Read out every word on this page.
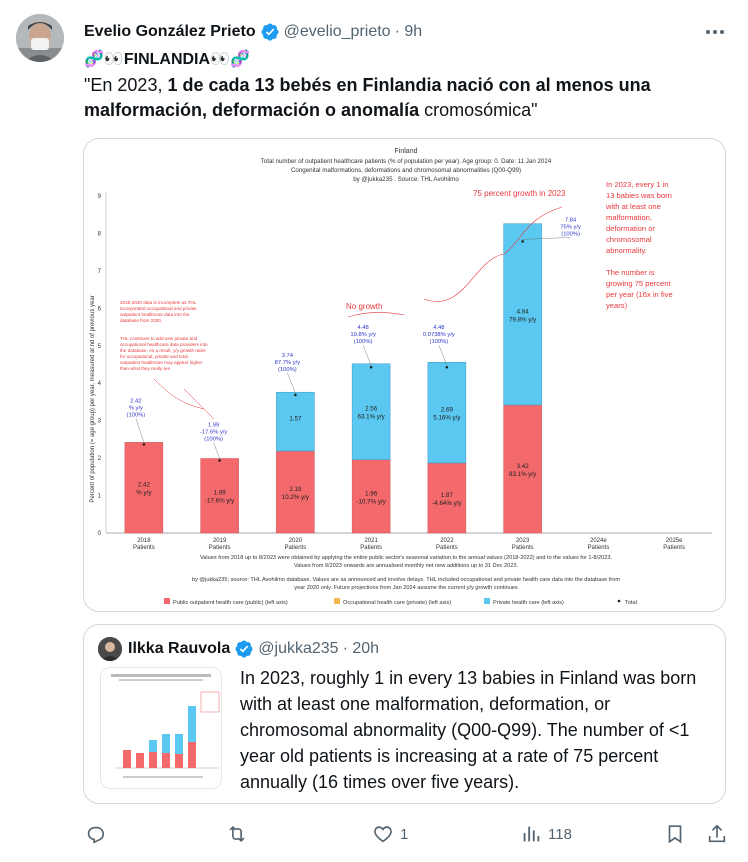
Evelio González Prieto @evelio_prieto · 9h
🧬👀FINLANDIA👀🧬
"En 2023, 1 de cada 13 bebés en Finlandia nació con al menos una malformación, deformación o anomalía cromosómica"
Finland
Total number of outpatient healthcare patients (% of population per year). Age group: 0. Date: 11 Jan 2024
Congenital malformations, deformations and chromosomal abnormalities (Q00-Q99)
by @jukka235 . Source: THL Avohilmo
Percent of population (= age group) per year, measured at nd of previous year
0
1
2
3
4
5
6
7
8
9
2018
Patients
2019
Patients
2020
Patients
2021
Patients
2022
Patients
2023
Patients
2024e
Patients
2025e
Patients
2.42
% y/y	1.99
-17.6% y/y
2.19
10.2% y/y
1.57
1.96
-10.7% y/y
2.56
63.1% y/y
1.87
-4.64% y/y
2.69
5.16% y/y
3.42
83.1% y/y
4.84
79.8% y/y
2.42
% y/y
(100%)
1.99
-17.6% y/y
(100%)
3.74
87.7% y/y
(100%)
4.48
19.8% y/y
(100%)
4.48
0.0738% y/y
(100%)
7.84
75% y/y
(100%)
75 percent growth in 2023
No growth
In 2023, every 1 in
13 babies was born
with at least one
malformation,
deformation or
chromosomal
abnormality.
The number is
growing 75 percent
per year (16x in five
years)
2018-2020 data is incomplete as THL
incorporated occupational and private
outpatient healthcare data into the
database from 2020.
THL continues to add new private and
occupational healthcare data providers into
the database. As a result, y/y growth rates
for occupational, private and total
outpatient healthcare may appear higher
than what they really are.
Values from 2018 up to 8/2023 were obtained by applying the entire public sector's seasonal variation to the annual values (2018-2022) and to the values for 1-8/2023.
Values from 9/2023 onwards are annualised monthly net new additions up to 31 Dec 2023.
by @jukka235; source: THL Avohilmo database. Values are as announced and involve delays. THL included occupational and private health care data into the database from
year 2020 only. Future projections from Jan 2024 assume the current y/y growth continues
Public outpatient health care (public) (left axis)	Occupational health care (private) (left axis)	Private health care (left axis)	Total
Ilkka Rauvola @jukka235 · 20h
In 2023, roughly 1 in every 13 babies in Finland was born with at least one malformation, deformation, or chromosomal abnormality (Q00-Q99). The number of <1 year old patients is increasing at a rate of 75 percent annually (16 times over five years).
1	118
